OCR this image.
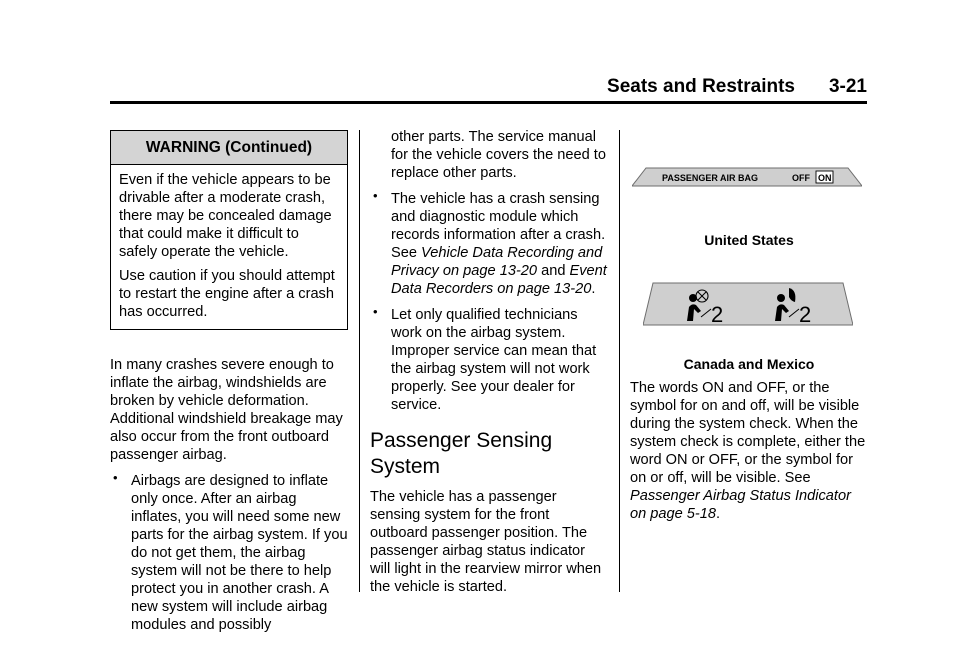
Seats and Restraints 3-21
WARNING (Continued)

Even if the vehicle appears to be drivable after a moderate crash, there may be concealed damage that could make it difficult to safely operate the vehicle.

Use caution if you should attempt to restart the engine after a crash has occurred.

In many crashes severe enough to inflate the airbag, windshields are broken by vehicle deformation. Additional windshield breakage may also occur from the front outboard passenger airbag.

• Airbags are designed to inflate only once. After an airbag inflates, you will need some new parts for the airbag system. If you do not get them, the airbag system will not be there to help protect you in another crash. A new system will include airbag modules and possibly

other parts. The service manual for the vehicle covers the need to replace other parts.

• The vehicle has a crash sensing and diagnostic module which records information after a crash. See Vehicle Data Recording and Privacy on page 13-20 and Event Data Recorders on page 13-20.
• Let only qualified technicians work on the airbag system. Improper service can mean that the airbag system will not work properly. See your dealer for service.
Passenger Sensing System

The vehicle has a passenger sensing system for the front outboard passenger position. The passenger airbag status indicator will light in the rearview mirror when the vehicle is started.

PASSENGER AIR BAG	OFF ON
United States
2	2
Canada and Mexico

The words ON and OFF, or the symbol for on and off, will be visible during the system check. When the system check is complete, either the word ON or OFF, or the symbol for on or off, will be visible. See Passenger Airbag Status Indicator on page 5-18.
